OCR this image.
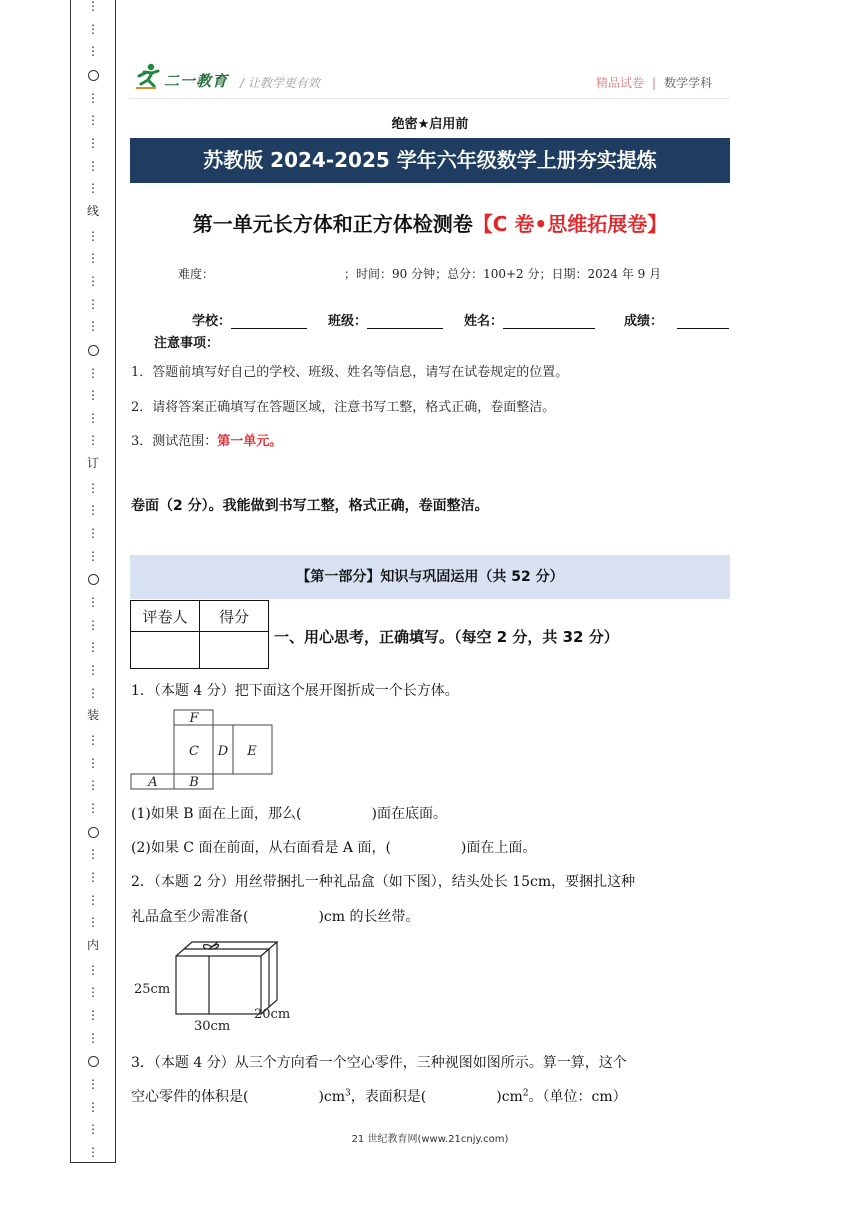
⋮
⋮
⋮
⋮
⋮
⋮
⋮
⋮
线
⋮
⋮
⋮
⋮
⋮
⋮
⋮
⋮
⋮
订
⋮
⋮
⋮
⋮
⋮
⋮
⋮
⋮
⋮
装
⋮
⋮
⋮
⋮
⋮
⋮
⋮
⋮
内
⋮
⋮
⋮
⋮
⋮
⋮
⋮
⋮
二一教育 / 让教学更有效	精品试卷 | 数学学科
绝密★启用前
苏教版 2024-2025 学年六年级数学上册夯实提炼
第一单元长方体和正方体检测卷【C 卷•思维拓展卷】
难度：	；时间：90 分钟；总分：100+2 分；日期：2024 年 9 月
学校：	班级：	姓名：	成绩：
注意事项：
1．答题前填写好自己的学校、班级、姓名等信息，请写在试卷规定的位置。
2．请将答案正确填写在答题区域，注意书写工整，格式正确，卷面整洁。
3．测试范围：第一单元。
卷面（2 分）。我能做到书写工整，格式正确，卷面整洁。
【第一部分】知识与巩固运用（共 52 分）
评卷人	得分

一、用心思考，正确填写。（每空 2 分，共 32 分）
1．（本题 4 分）把下面这个展开图折成一个长方体。
F
C D E
A B
(1)如果 B 面在上面，那么(　　　　　)面在底面。
(2)如果 C 面在前面，从右面看是 A 面，(　　　　　)面在上面。
2．（本题 2 分）用丝带捆扎一种礼品盒（如下图），结头处长 15cm，要捆扎这种
礼品盒至少需准备(　　　　　)cm 的长丝带。
25cm
30cm
20cm
3．（本题 4 分）从三个方向看一个空心零件，三种视图如图所示。算一算，这个
空心零件的体积是(　　　　　)$cm^3$，表面积是(　　　　　)$cm^2$。（单位：cm）
21 世纪教育网(www.21cnjy.com)
